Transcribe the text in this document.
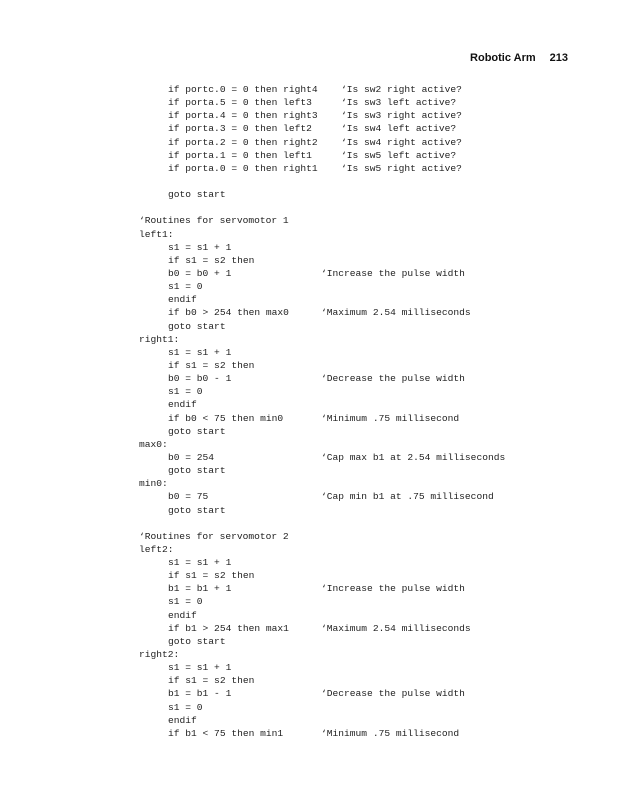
Robotic Arm 213
if portc.0 = 0 then right4 ‘Is sw2 right active?
if porta.5 = 0 then left3	‘Is sw3 left active?
if porta.4 = 0 then right3 ‘Is sw3 right active?
if porta.3 = 0 then left2	‘Is sw4 left active?
if porta.2 = 0 then right2 ‘Is sw4 right active?
if porta.1 = 0 then left1	‘Is sw5 left active?
if porta.0 = 0 then right1 ‘Is sw5 right active?
goto start
‘Routines for servomotor 1
left1:
s1 = s1 + 1
if s1 = s2 then
b0 = b0 + 1	‘Increase the pulse width
s1 = 0
endif
if b0 > 254 then max0	‘Maximum 2.54 milliseconds
goto start
right1:
s1 = s1 + 1
if s1 = s2 then
b0 = b0 - 1	‘Decrease the pulse width
s1 = 0
endif
if b0 < 75 then min0	‘Minimum .75 millisecond
goto start
max0:
b0 = 254	‘Cap max b1 at 2.54 milliseconds
goto start
min0:
b0 = 75	‘Cap min b1 at .75 millisecond
goto start
‘Routines for servomotor 2
left2:
s1 = s1 + 1
if s1 = s2 then
b1 = b1 + 1	‘Increase the pulse width
s1 = 0
endif
if b1 > 254 then max1	‘Maximum 2.54 milliseconds
goto start
right2:
s1 = s1 + 1
if s1 = s2 then
b1 = b1 - 1	‘Decrease the pulse width
s1 = 0
endif
if b1 < 75 then min1	‘Minimum .75 millisecond
